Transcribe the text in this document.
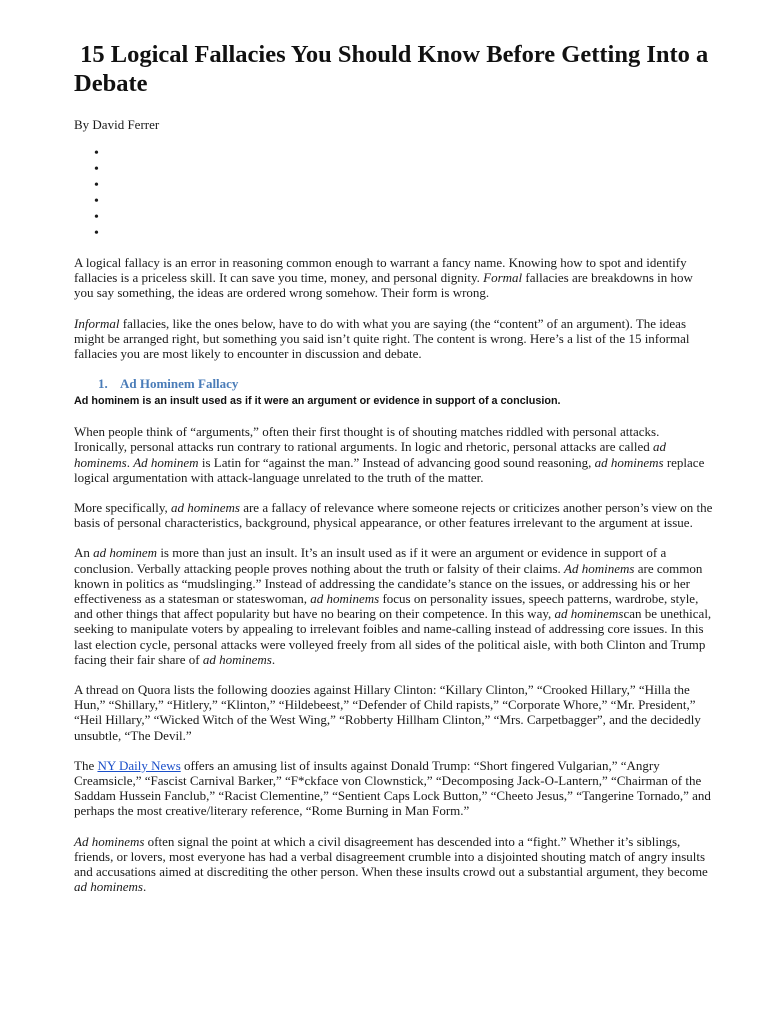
15 Logical Fallacies You Should Know Before Getting Into a Debate
By David Ferrer
•
•
•
•
•
•

A logical fallacy is an error in reasoning common enough to warrant a fancy name. Knowing how to spot and identify fallacies is a priceless skill. It can save you time, money, and personal dignity. Formal fallacies are breakdowns in how you say something, the ideas are ordered wrong somehow. Their form is wrong.

Informal fallacies, like the ones below, have to do with what you are saying (the “content” of an argument). The ideas might be arranged right, but something you said isn’t quite right. The content is wrong. Here’s a list of the 15 informal fallacies you are most likely to encounter in discussion and debate.

1. Ad Hominem Fallacy
Ad hominem is an insult used as if it were an argument or evidence in support of a conclusion.

When people think of “arguments,” often their first thought is of shouting matches riddled with personal attacks. Ironically, personal attacks run contrary to rational arguments. In logic and rhetoric, personal attacks are called ad hominems. Ad hominem is Latin for “against the man.” Instead of advancing good sound reasoning, ad hominems replace logical argumentation with attack-language unrelated to the truth of the matter.

More specifically, ad hominems are a fallacy of relevance where someone rejects or criticizes another person’s view on the basis of personal characteristics, background, physical appearance, or other features irrelevant to the argument at issue.

An ad hominem is more than just an insult. It’s an insult used as if it were an argument or evidence in support of a conclusion. Verbally attacking people proves nothing about the truth or falsity of their claims. Ad hominems are common known in politics as “mudslinging.” Instead of addressing the candidate’s stance on the issues, or addressing his or her effectiveness as a statesman or stateswoman, ad hominems focus on personality issues, speech patterns, wardrobe, style, and other things that affect popularity but have no bearing on their competence. In this way, ad hominemscan be unethical, seeking to manipulate voters by appealing to irrelevant foibles and name-calling instead of addressing core issues. In this last election cycle, personal attacks were volleyed freely from all sides of the political aisle, with both Clinton and Trump facing their fair share of ad hominems.

A thread on Quora lists the following doozies against Hillary Clinton: “Killary Clinton,” “Crooked Hillary,” “Hilla the Hun,” “Shillary,” “Hitlery,” “Klinton,” “Hildebeest,” “Defender of Child rapists,” “Corporate Whore,” “Mr. President,” “Heil Hillary,” “Wicked Witch of the West Wing,” “Robberty Hillham Clinton,” “Mrs. Carpetbagger”, and the decidedly unsubtle, “The Devil.”

The NY Daily News offers an amusing list of insults against Donald Trump: “Short fingered Vulgarian,” “Angry Creamsicle,” “Fascist Carnival Barker,” “F*ckface von Clownstick,” “Decomposing Jack-O-Lantern,” “Chairman of the Saddam Hussein Fanclub,” “Racist Clementine,” “Sentient Caps Lock Button,” “Cheeto Jesus,” “Tangerine Tornado,” and perhaps the most creative/literary reference, “Rome Burning in Man Form.”

Ad hominems often signal the point at which a civil disagreement has descended into a “fight.” Whether it’s siblings, friends, or lovers, most everyone has had a verbal disagreement crumble into a disjointed shouting match of angry insults and accusations aimed at discrediting the other person. When these insults crowd out a substantial argument, they become ad hominems.
